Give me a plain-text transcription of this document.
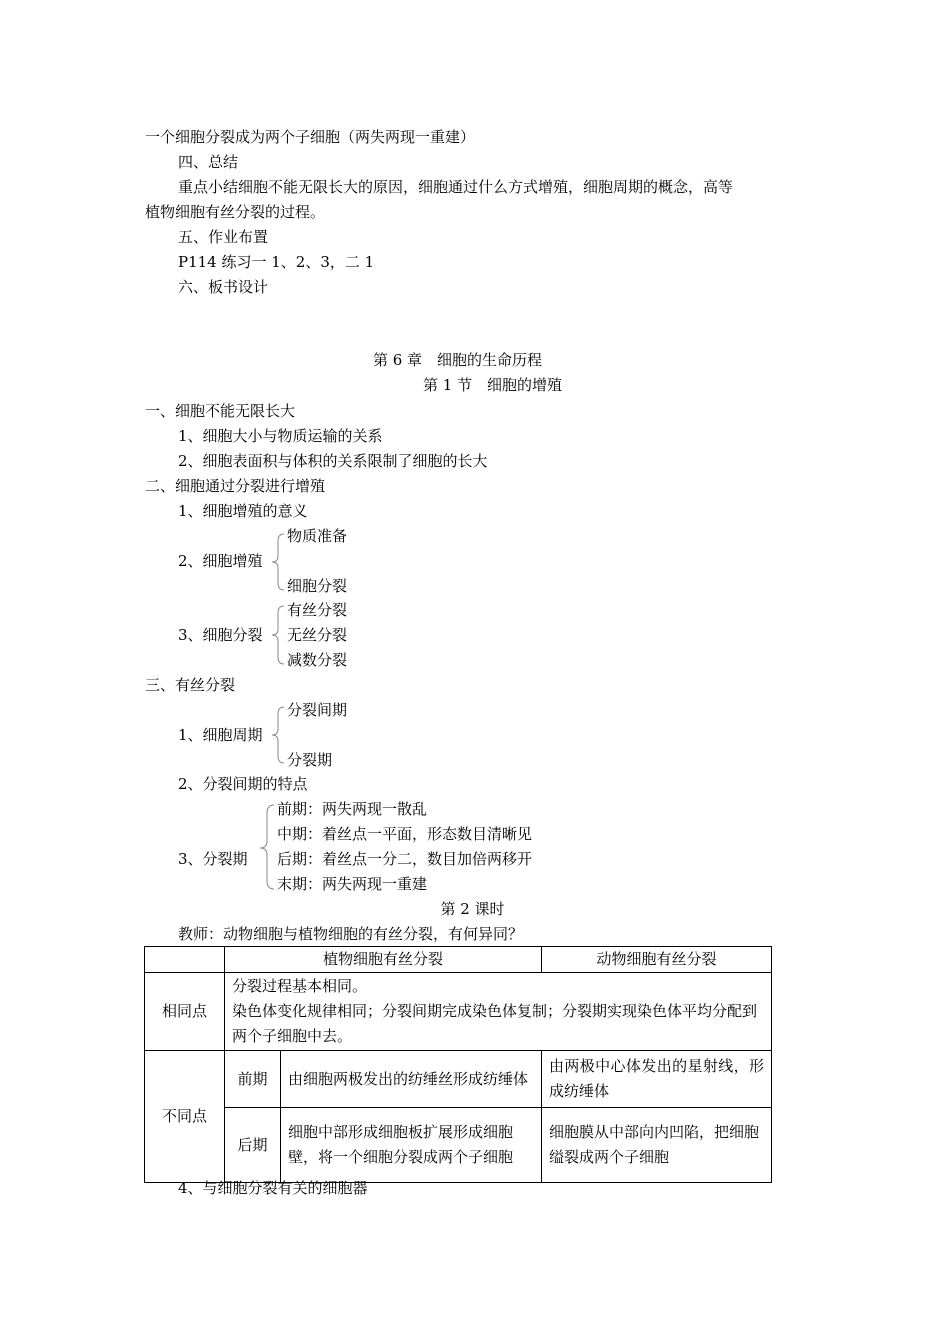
一个细胞分裂成为两个子细胞（两失两现一重建）
四、总结
重点小结细胞不能无限长大的原因，细胞通过什么方式增殖，细胞周期的概念，高等
植物细胞有丝分裂的过程。
五、作业布置
P114 练习一 1、2、3，二 1
六、板书设计
第 6 章　细胞的生命历程
第 1 节　细胞的增殖
一、细胞不能无限长大
1、细胞大小与物质运输的关系
2、细胞表面积与体积的关系限制了细胞的长大
二、细胞通过分裂进行增殖
1、细胞增殖的意义
2、细胞增殖
物质准备
细胞分裂
3、细胞分裂
有丝分裂
无丝分裂
减数分裂
三、有丝分裂
1、细胞周期
分裂间期
分裂期
2、分裂间期的特点
3、分裂期
前期：两失两现一散乱
中期：着丝点一平面，形态数目清晰见
后期：着丝点一分二，数目加倍两移开
末期：两失两现一重建
第 2 课时
教师：动物细胞与植物细胞的有丝分裂，有何异同？
	植物细胞有丝分裂		动物细胞有丝分裂
相同点	分裂过程基本相同。
染色体变化规律相同；分裂间期完成染色体复制；分裂期实现染色体平均分配到两个子细胞中去。		

不同点	前期	由细胞两极发出的纺缍丝形成纺缍体	由两极中心体发出的星射线，形成纺缍体
	后期	细胞中部形成细胞板扩展形成细胞壁，将一个细胞分裂成两个子细胞	细胞膜从中部向内凹陷，把细胞缢裂成两个子细胞
4、与细胞分裂有关的细胞器
